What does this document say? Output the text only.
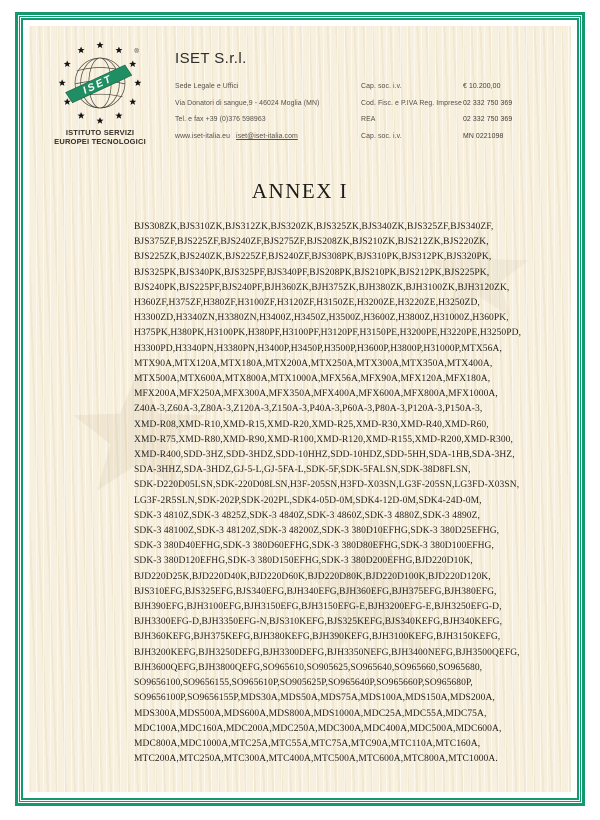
ISET
®
ISTITUTO SERVIZI
EUROPEI TECNOLOGICI
ISET S.r.l.
Sede Legale e Uffici	Cap. soc. i.v.	€ 10.200,00
Via Donatori di sangue,9 - 46024 Moglia (MN)	Cod. Fisc. e P.IVA Reg. Imprese 02 332 750 369
Tel. e fax +39 (0)376 598963	REA	02 332 750 369
www.iset-italia.eu iset@iset-italia.com	Cap. soc. i.v.	MN 0221098
ANNEX I
BJS308ZK,BJS310ZK,BJS312ZK,BJS320ZK,BJS325ZK,BJS340ZK,BJS325ZF,BJS340ZF,
BJS375ZF,BJS225ZF,BJS240ZF,BJS275ZF,BJS208ZK,BJS210ZK,BJS212ZK,BJS220ZK,
BJS225ZK,BJS240ZK,BJS225ZF,BJS240ZF,BJS308PK,BJS310PK,BJS312PK,BJS320PK,
BJS325PK,BJS340PK,BJS325PF,BJS340PF,BJS208PK,BJS210PK,BJS212PK,BJS225PK,
BJS240PK,BJS225PF,BJS240PF,BJH360ZK,BJH375ZK,BJH380ZK,BJH3100ZK,BJH3120ZK,
H360ZF,H375ZF,H380ZF,H3100ZF,H3120ZF,H3150ZE,H3200ZE,H3220ZE,H3250ZD,
H3300ZD,H3340ZN,H3380ZN,H3400Z,H3450Z,H3500Z,H3600Z,H3800Z,H31000Z,H360PK,
H375PK,H380PK,H3100PK,H380PF,H3100PF,H3120PF,H3150PE,H3200PE,H3220PE,H3250PD,
H3300PD,H3340PN,H3380PN,H3400P,H3450P,H3500P,H3600P,H3800P,H31000P,MTX56A,
MTX90A,MTX120A,MTX180A,MTX200A,MTX250A,MTX300A,MTX350A,MTX400A,
MTX500A,MTX600A,MTX800A,MTX1000A,MFX56A,MFX90A,MFX120A,MFX180A,
MFX200A,MFX250A,MFX300A,MFX350A,MFX400A,MFX600A,MFX800A,MFX1000A,
Z40A-3,Z60A-3,Z80A-3,Z120A-3,Z150A-3,P40A-3,P60A-3,P80A-3,P120A-3,P150A-3,
XMD-R08,XMD-R10,XMD-R15,XMD-R20,XMD-R25,XMD-R30,XMD-R40,XMD-R60,
XMD-R75,XMD-R80,XMD-R90,XMD-R100,XMD-R120,XMD-R155,XMD-R200,XMD-R300,
XMD-R400,SDD-3HZ,SDD-3HDZ,SDD-10HHZ,SDD-10HDZ,SDD-5HH,SDA-1HB,SDA-3HZ,
SDA-3HHZ,SDA-3HDZ,GJ-5-L,GJ-5FA-L,SDK-5F,SDK-5FALSN,SDK-38D8FLSN,
SDK-D220D05LSN,SDK-220D08LSN,H3F-205SN,H3FD-X03SN,LG3F-205SN,LG3FD-X03SN,
LG3F-2R5SLN,SDK-202P,SDK-202PL,SDK4-05D-0M,SDK4-12D-0M,SDK4-24D-0M,
SDK-3 4810Z,SDK-3 4825Z,SDK-3 4840Z,SDK-3 4860Z,SDK-3 4880Z,SDK-3 4890Z,
SDK-3 48100Z,SDK-3 48120Z,SDK-3 48200Z,SDK-3 380D10EFHG,SDK-3 380D25EFHG,
SDK-3 380D40EFHG,SDK-3 380D60EFHG,SDK-3 380D80EFHG,SDK-3 380D100EFHG,
SDK-3 380D120EFHG,SDK-3 380D150EFHG,SDK-3 380D200EFHG,BJD220D10K,
BJD220D25K,BJD220D40K,BJD220D60K,BJD220D80K,BJD220D100K,BJD220D120K,
BJS310EFG,BJS325EFG,BJS340EFG,BJH340EFG,BJH360EFG,BJH375EFG,BJH380EFG,
BJH390EFG,BJH3100EFG,BJH3150EFG,BJH3150EFG-E,BJH3200EFG-E,BJH3250EFG-D,
BJH3300EFG-D,BJH3350EFG-N,BJS310KEFG,BJS325KEFG,BJS340KEFG,BJH340KEFG,
BJH360KEFG,BJH375KEFG,BJH380KEFG,BJH390KEFG,BJH3100KEFG,BJH3150KEFG,
BJH3200KEFG,BJH3250DEFG,BJH3300DEFG,BJH3350NEFG,BJH3400NEFG,BJH3500QEFG,
BJH3600QEFG,BJH3800QEFG,SO965610,SO905625,SO965640,SO965660,SO965680,
SO9656100,SO9656155,SO965610P,SO905625P,SO965640P,SO965660P,SO965680P,
SO9656100P,SO9656155P,MDS30A,MDS50A,MDS75A,MDS100A,MDS150A,MDS200A,
MDS300A,MDS500A,MDS600A,MDS800A,MDS1000A,MDC25A,MDC55A,MDC75A,
MDC100A,MDC160A,MDC200A,MDC250A,MDC300A,MDC400A,MDC500A,MDC600A,
MDC800A,MDC1000A,MTC25A,MTC55A,MTC75A,MTC90A,MTC110A,MTC160A,
MTC200A,MTC250A,MTC300A,MTC400A,MTC500A,MTC600A,MTC800A,MTC1000A.
